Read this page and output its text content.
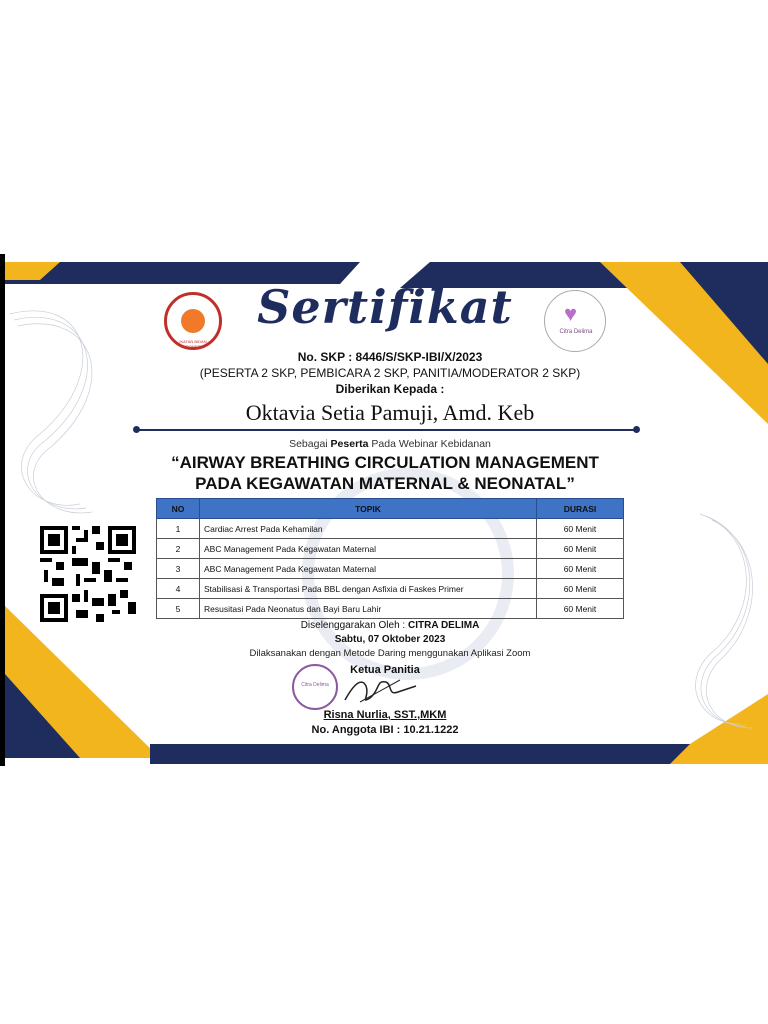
IKATAN BIDAN INDONESIA
Sertifikat	♥
Citra Delima
No. SKP : 8446/S/SKP-IBI/X/2023
(PESERTA 2 SKP, PEMBICARA 2 SKP, PANITIA/MODERATOR 2 SKP)
Diberikan Kepada :
Oktavia Setia Pamuji, Amd. Keb
Sebagai Peserta Pada Webinar Kebidanan
“AIRWAY BREATHING CIRCULATION MANAGEMENT
PADA KEGAWATAN MATERNAL & NEONATAL”
NO	TOPIK	DURASI
1	Cardiac Arrest Pada Kehamilan	60 Menit
2	ABC Management Pada Kegawatan Maternal	60 Menit
3	ABC Management Pada Kegawatan Maternal	60 Menit
4	Stabilisasi & Transportasi Pada BBL dengan Asfixia di Faskes Primer	60 Menit
5	Resusitasi Pada Neonatus dan Bayi Baru Lahir	60 Menit
Diselenggarakan Oleh : CITRA DELIMA
Sabtu, 07 Oktober 2023
Dilaksanakan dengan Metode Daring menggunakan Aplikasi Zoom
Citra Delima
Ketua Panitia
Risna Nurlia, SST.,MKM
No. Anggota IBI : 10.21.1222
